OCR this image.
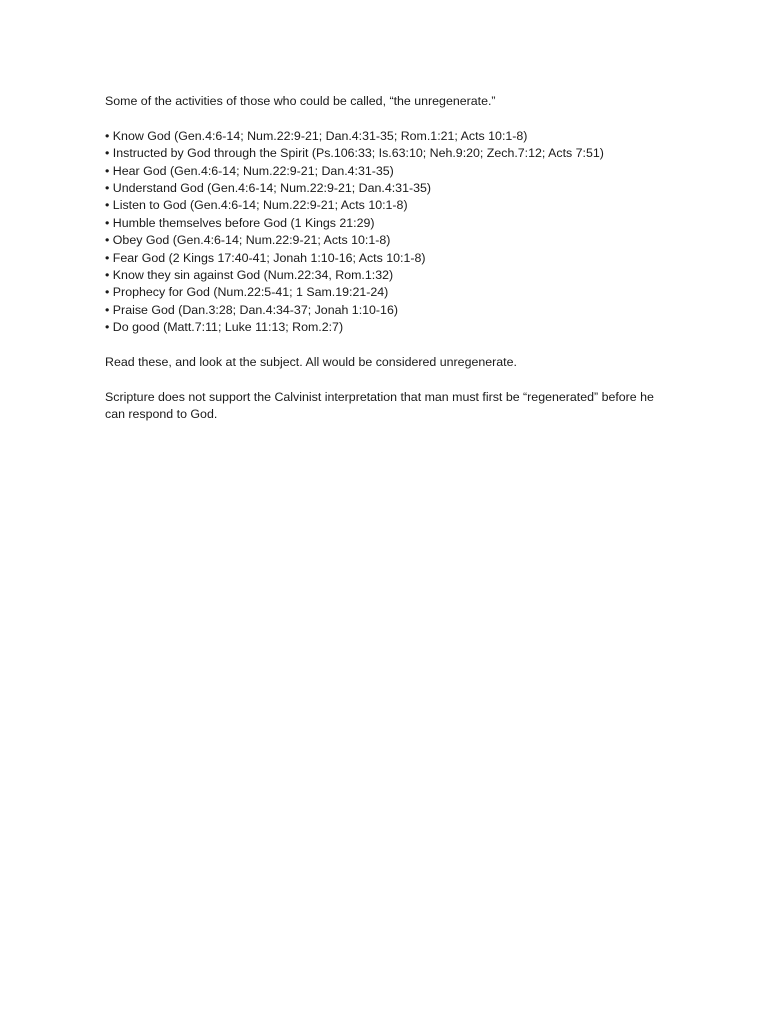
Some of the activities of those who could be called, “the unregenerate.”

• Know God (Gen.4:6-14; Num.22:9-21; Dan.4:31-35; Rom.1:21; Acts 10:1-8)
• Instructed by God through the Spirit (Ps.106:33; Is.63:10; Neh.9:20; Zech.7:12; Acts 7:51)
• Hear God (Gen.4:6-14; Num.22:9-21; Dan.4:31-35)
• Understand God (Gen.4:6-14; Num.22:9-21; Dan.4:31-35)
• Listen to God (Gen.4:6-14; Num.22:9-21; Acts 10:1-8)
• Humble themselves before God (1 Kings 21:29)
• Obey God (Gen.4:6-14; Num.22:9-21; Acts 10:1-8)
• Fear God (2 Kings 17:40-41; Jonah 1:10-16; Acts 10:1-8)
• Know they sin against God (Num.22:34, Rom.1:32)
• Prophecy for God (Num.22:5-41; 1 Sam.19:21-24)
• Praise God (Dan.3:28; Dan.4:34-37; Jonah 1:10-16)
• Do good (Matt.7:11; Luke 11:13; Rom.2:7)

Read these, and look at the subject. All would be considered unregenerate.

Scripture does not support the Calvinist interpretation that man must first be “regenerated” before he can respond to God.
